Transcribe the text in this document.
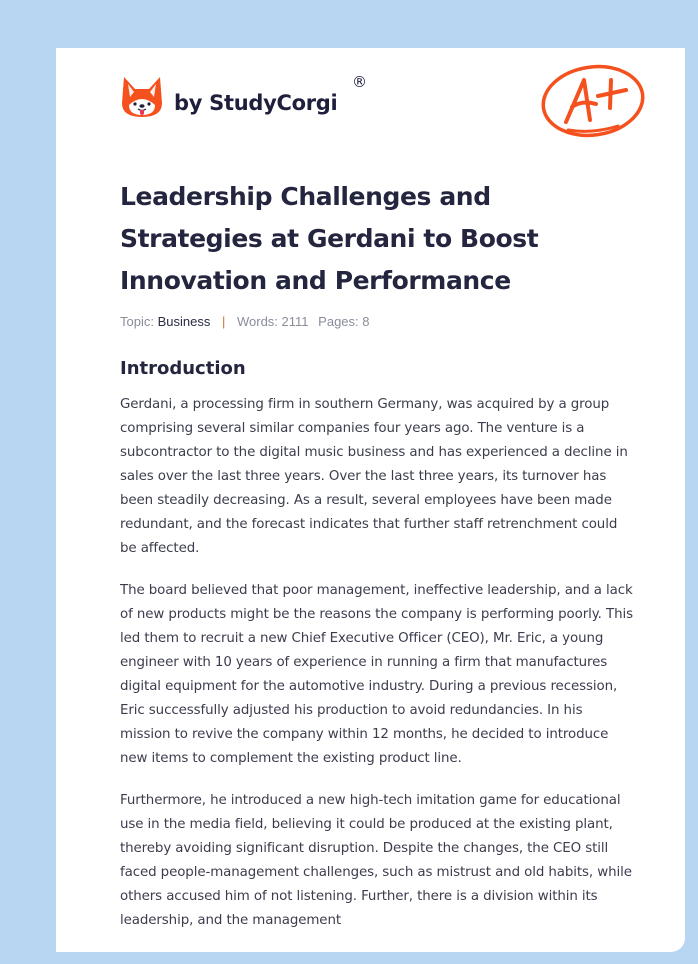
by StudyCorgi
®
Leadership Challenges and Strategies at Gerdani to Boost Innovation and Performance
Topic: Business | Words: 2111 Pages: 8
Introduction

Gerdani, a processing firm in southern Germany, was acquired by a group comprising several similar companies four years ago. The venture is a subcontractor to the digital music business and has experienced a decline in sales over the last three years. Over the last three years, its turnover has been steadily decreasing. As a result, several employees have been made redundant, and the forecast indicates that further staff retrenchment could be affected.

The board believed that poor management, ineffective leadership, and a lack of new products might be the reasons the company is performing poorly. This led them to recruit a new Chief Executive Officer (CEO), Mr. Eric, a young engineer with 10 years of experience in running a firm that manufactures digital equipment for the automotive industry. During a previous recession, Eric successfully adjusted his production to avoid redundancies. In his mission to revive the company within 12 months, he decided to introduce new items to complement the existing product line.

Furthermore, he introduced a new high-tech imitation game for educational use in the media field, believing it could be produced at the existing plant, thereby avoiding significant disruption. Despite the changes, the CEO still faced people-management challenges, such as mistrust and old habits, while others accused him of not listening. Further, there is a division within its leadership, and the management
